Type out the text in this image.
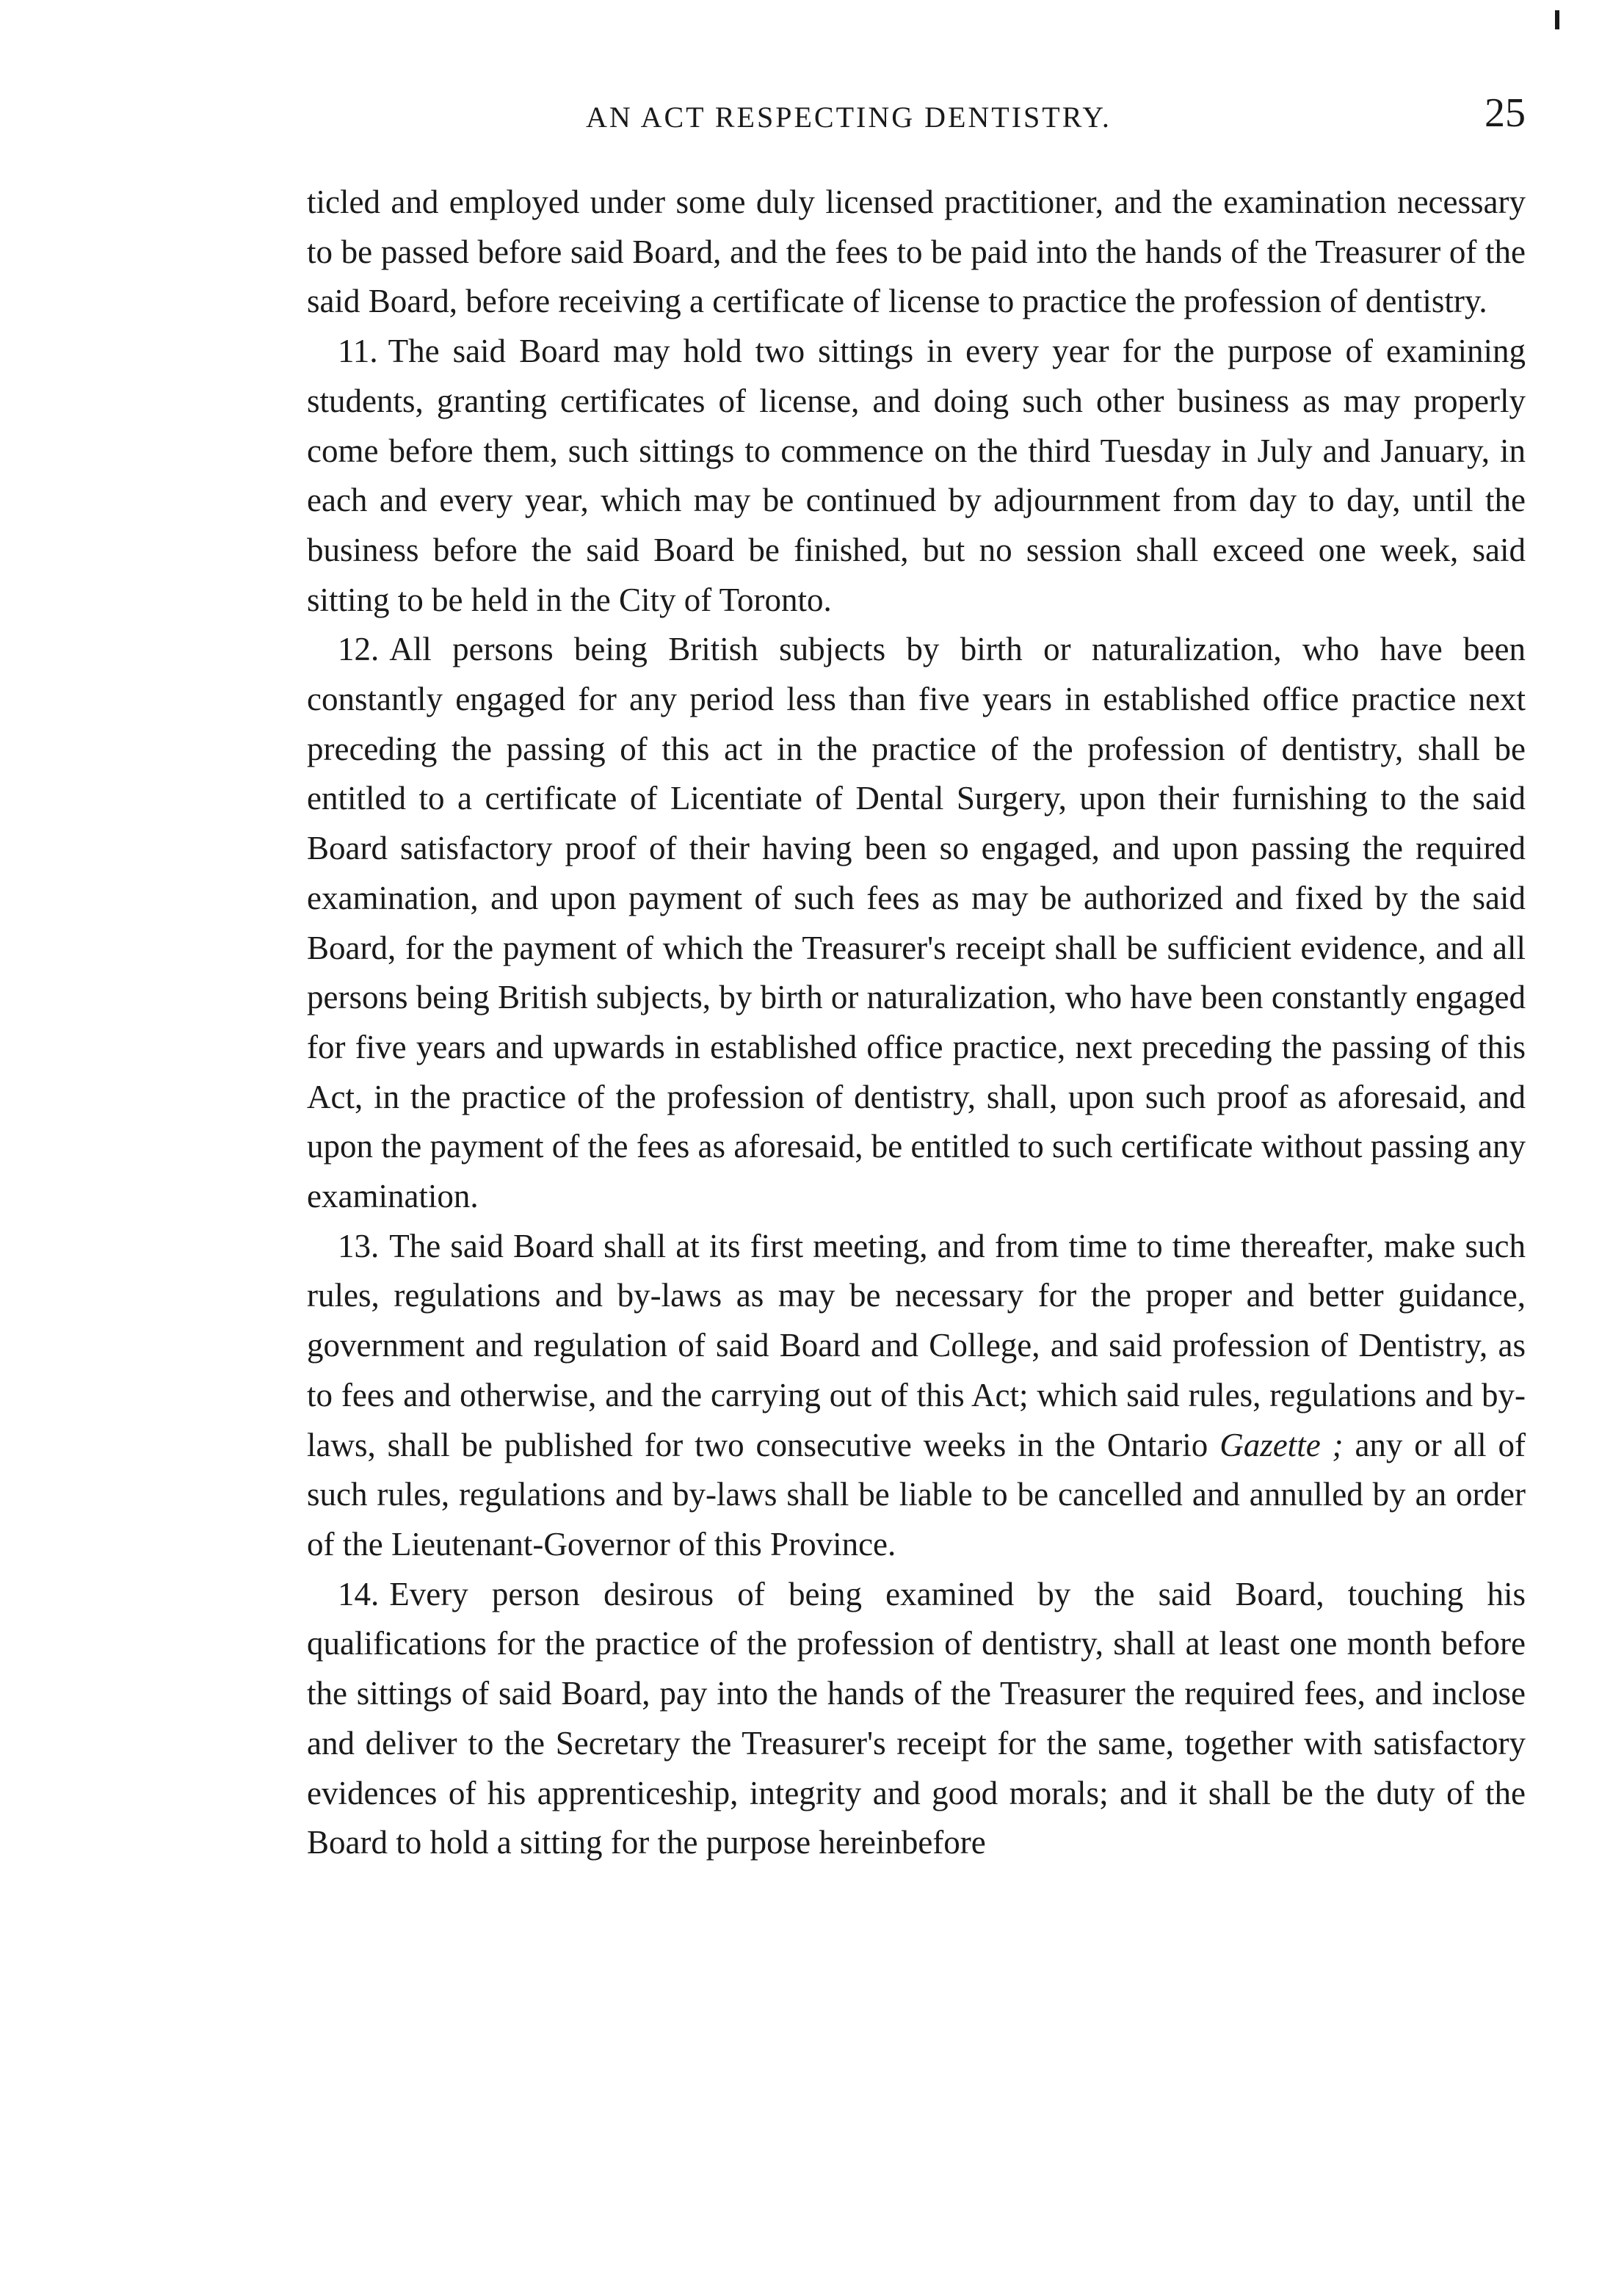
AN ACT RESPECTING DENTISTRY.	25

ticled and employed under some duly licensed practitioner, and the examination necessary to be passed before said Board, and the fees to be paid into the hands of the Treasurer of the said Board, before receiving a certificate of license to practice the profession of dentistry.

11. The said Board may hold two sittings in every year for the purpose of examining students, granting certificates of license, and doing such other business as may properly come before them, such sittings to commence on the third Tuesday in July and January, in each and every year, which may be continued by adjournment from day to day, until the business before the said Board be finished, but no session shall exceed one week, said sitting to be held in the City of Toronto.

12. All persons being British subjects by birth or naturalization, who have been constantly engaged for any period less than five years in established office practice next preceding the passing of this act in the practice of the profession of dentistry, shall be entitled to a certificate of Licentiate of Dental Surgery, upon their furnishing to the said Board satisfactory proof of their having been so engaged, and upon passing the required examination, and upon payment of such fees as may be authorized and fixed by the said Board, for the payment of which the Treasurer's receipt shall be sufficient evidence, and all persons being British subjects, by birth or naturalization, who have been constantly engaged for five years and upwards in established office practice, next preceding the passing of this Act, in the practice of the profession of dentistry, shall, upon such proof as aforesaid, and upon the payment of the fees as aforesaid, be entitled to such certificate without passing any examination.

13. The said Board shall at its first meeting, and from time to time thereafter, make such rules, regulations and by-laws as may be necessary for the proper and better guidance, government and regulation of said Board and College, and said profession of Dentistry, as to fees and otherwise, and the carrying out of this Act; which said rules, regulations and by-laws, shall be published for two consecutive weeks in the Ontario Gazette ; any or all of such rules, regulations and by-laws shall be liable to be cancelled and annulled by an order of the Lieutenant-Governor of this Province.

14. Every person desirous of being examined by the said Board, touching his qualifications for the practice of the profession of dentistry, shall at least one month before the sittings of said Board, pay into the hands of the Treasurer the required fees, and inclose and deliver to the Secretary the Treasurer's receipt for the same, together with satisfactory evidences of his apprenticeship, integrity and good morals; and it shall be the duty of the Board to hold a sitting for the purpose hereinbefore
